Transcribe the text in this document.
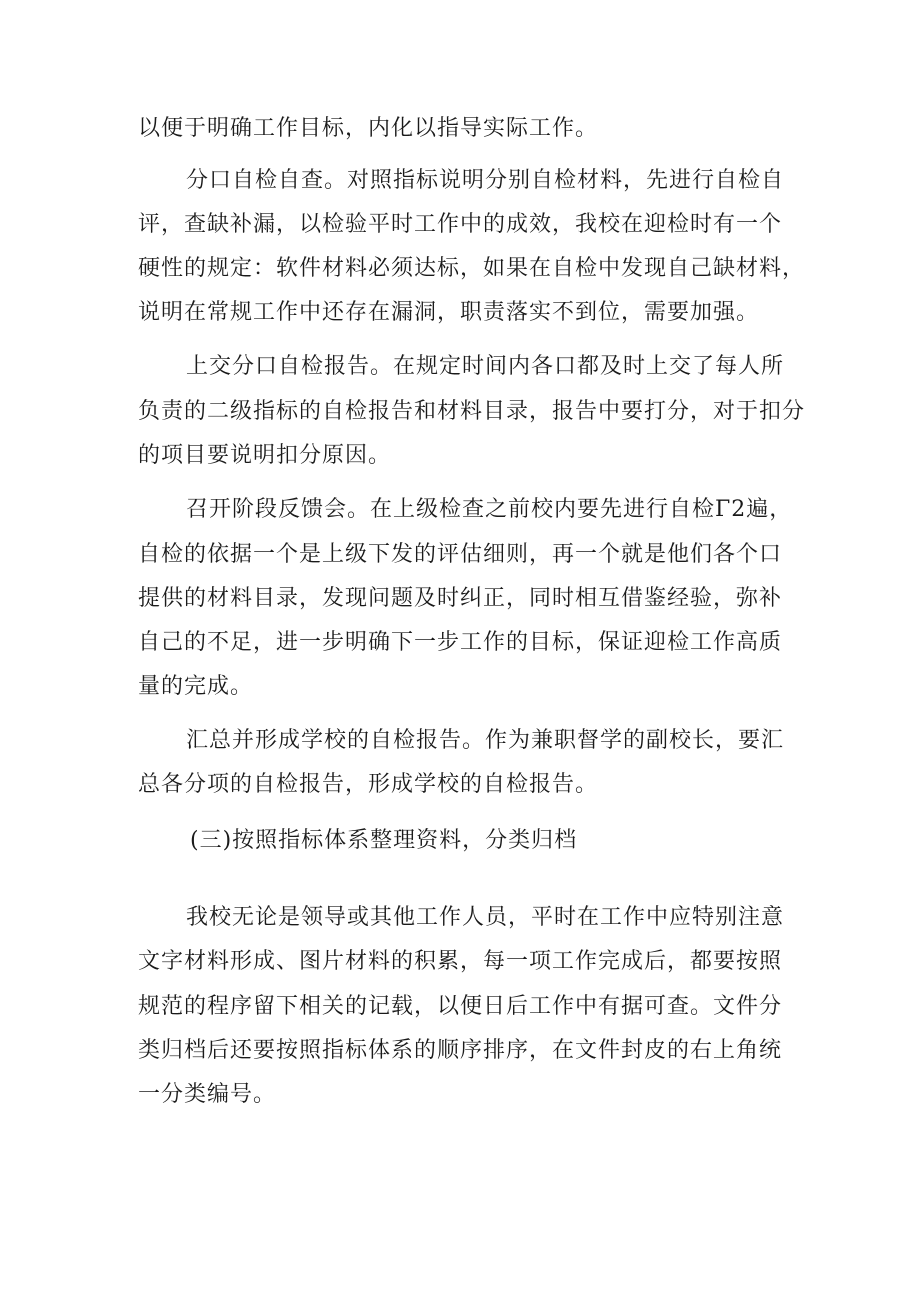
以便于明确工作目标，内化以指导实际工作。
分口自检自查。对照指标说明分别自检材料，先进行自检自
评，查缺补漏，以检验平时工作中的成效，我校在迎检时有一个
硬性的规定：软件材料必须达标，如果在自检中发现自己缺材料，
说明在常规工作中还存在漏洞，职责落实不到位，需要加强。
上交分口自检报告。在规定时间内各口都及时上交了每人所
负责的二级指标的自检报告和材料目录，报告中要打分，对于扣分
的项目要说明扣分原因。
召开阶段反馈会。在上级检查之前校内要先进行自检Γ2遍，
自检的依据一个是上级下发的评估细则，再一个就是他们各个口
提供的材料目录，发现问题及时纠正，同时相互借鉴经验，弥补
自己的不足，进一步明确下一步工作的目标，保证迎检工作高质
量的完成。
汇总并形成学校的自检报告。作为兼职督学的副校长，要汇
总各分项的自检报告，形成学校的自检报告。
(三)按照指标体系整理资料，分类归档
我校无论是领导或其他工作人员，平时在工作中应特别注意
文字材料形成、图片材料的积累，每一项工作完成后，都要按照
规范的程序留下相关的记载，以便日后工作中有据可查。文件分
类归档后还要按照指标体系的顺序排序，在文件封皮的右上角统
一分类编号。
